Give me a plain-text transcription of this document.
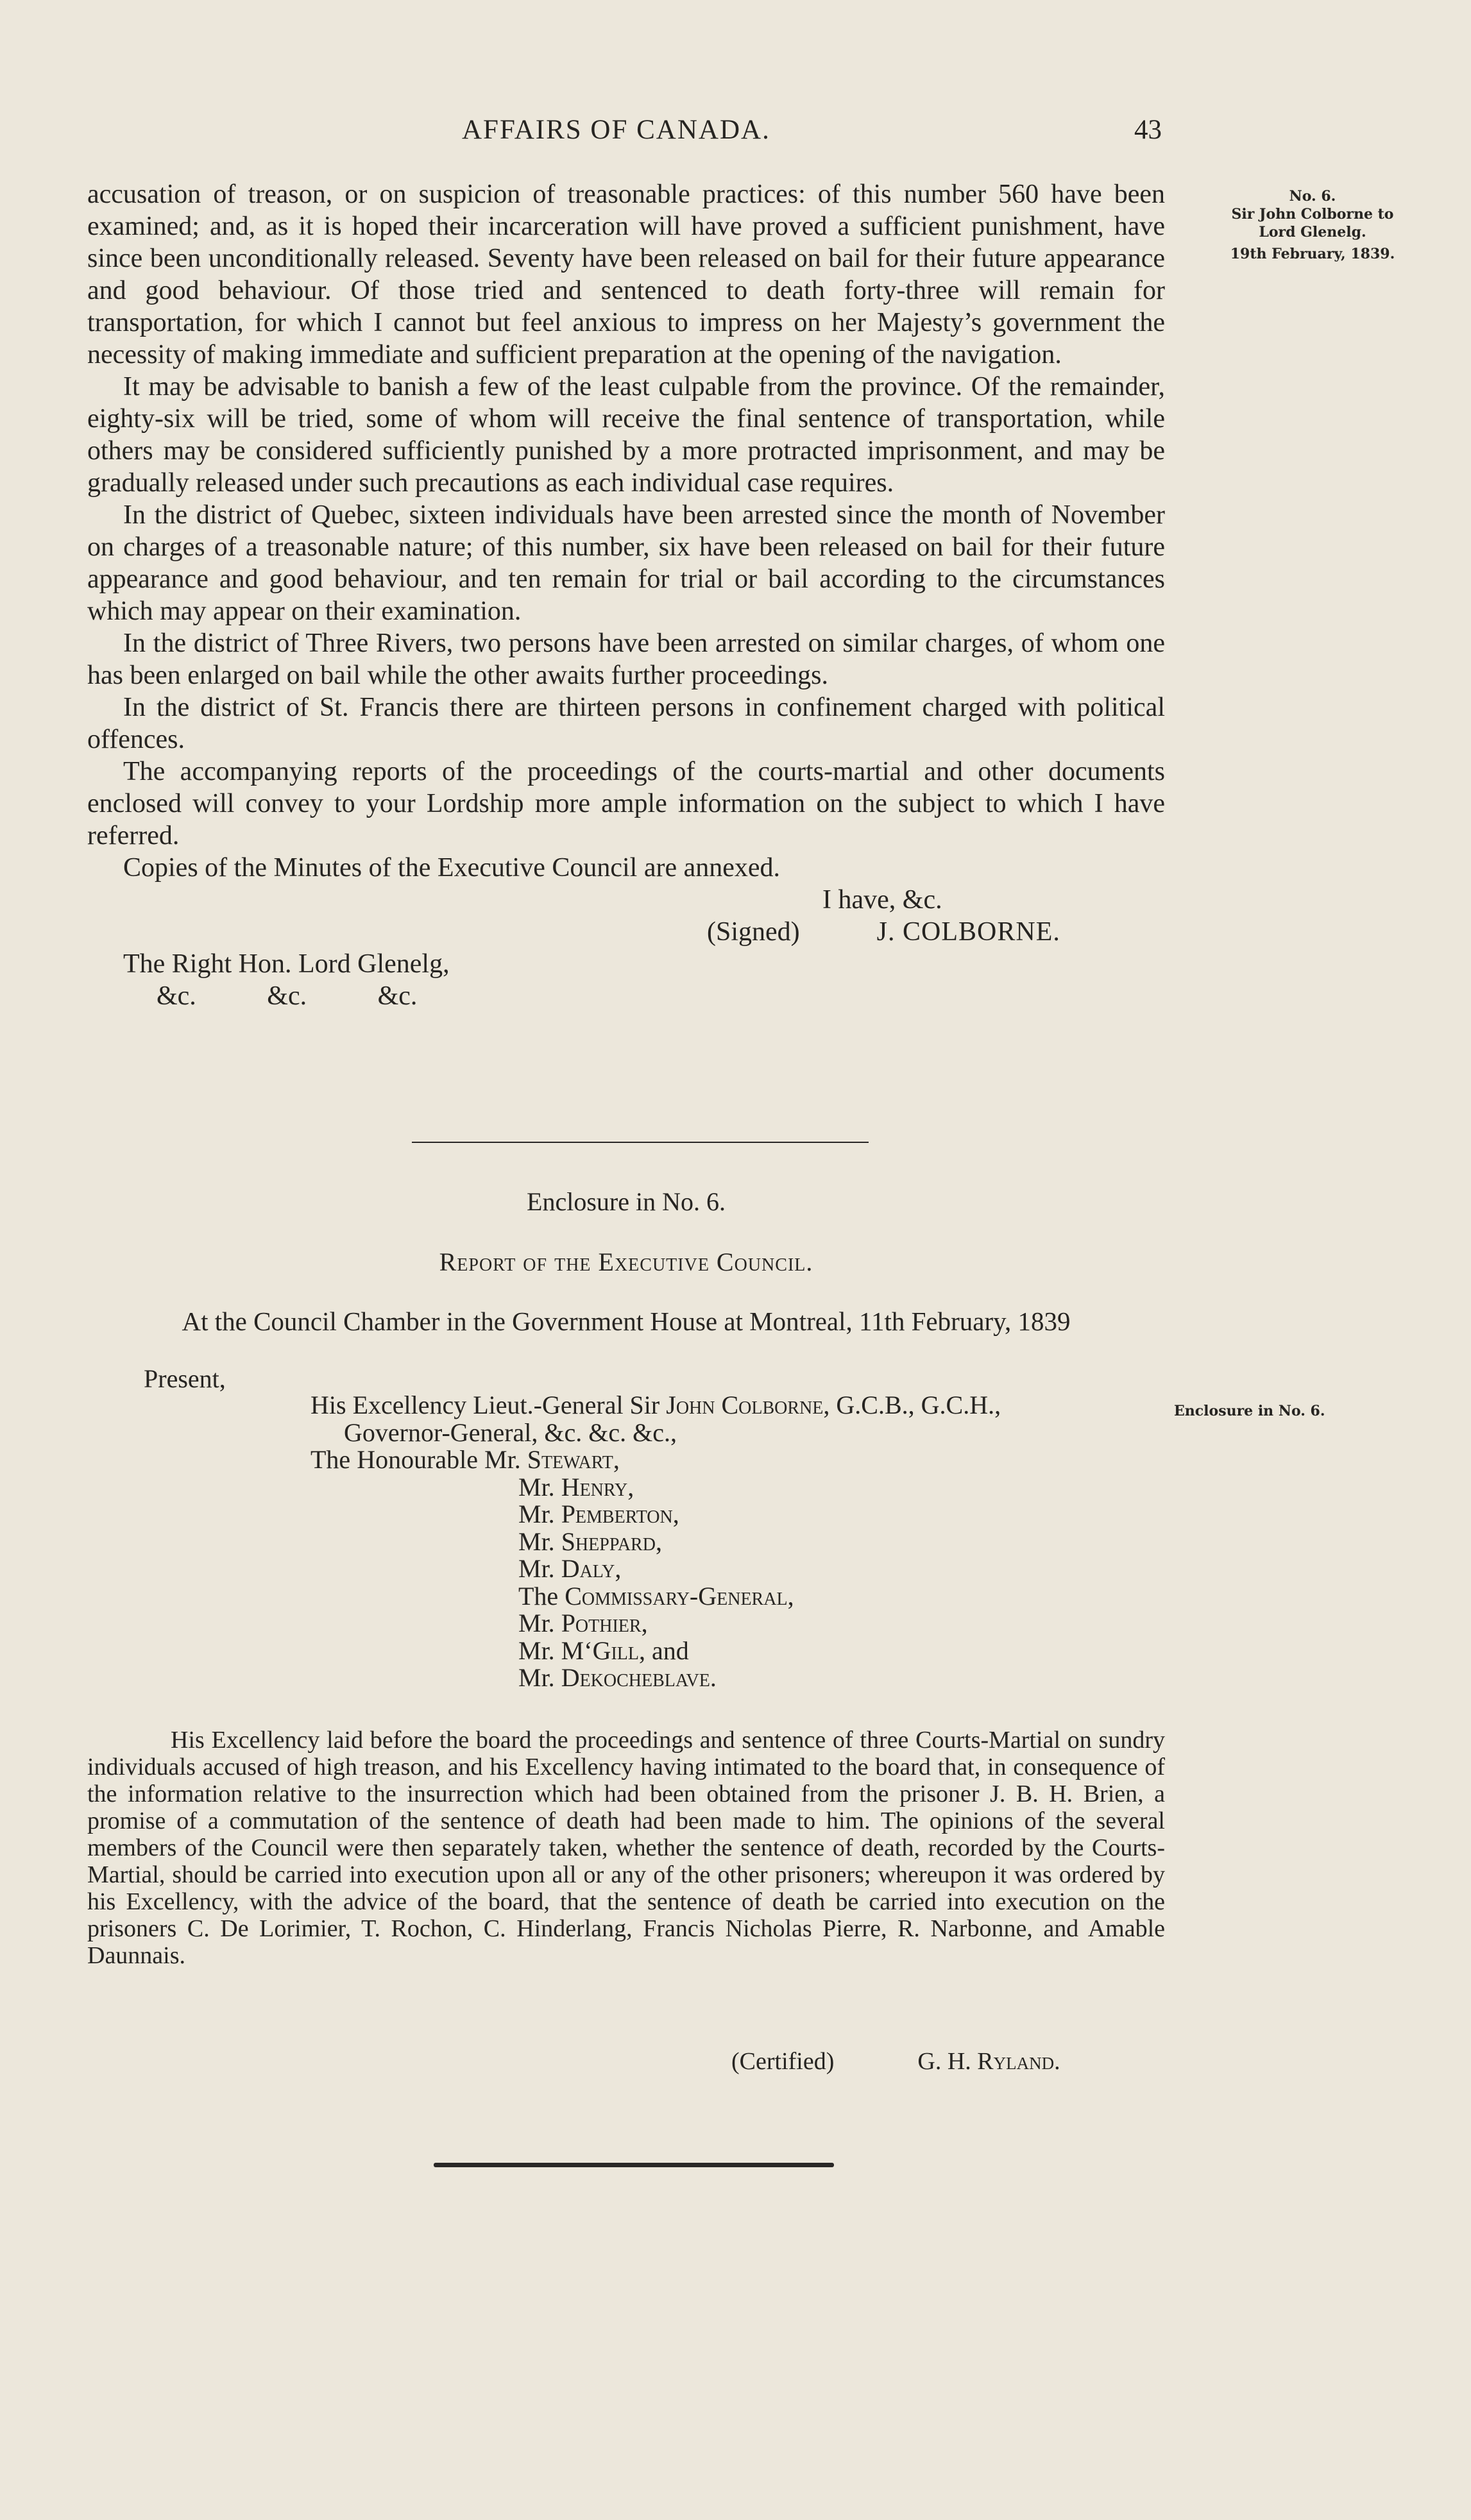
AFFAIRS OF CANADA.	43
No. 6.
Sir John Colborne to
Lord Glenelg.
19th February, 1839.
Enclosure in No. 6.

accusation of treason, or on suspicion of treasonable practices: of this number 560 have been examined; and, as it is hoped their incarceration will have proved a sufficient punishment, have since been unconditionally released. Seventy have been released on bail for their future appearance and good behaviour. Of those tried and sentenced to death forty-three will remain for transportation, for which I cannot but feel anxious to impress on her Majesty’s government the necessity of making immediate and sufficient preparation at the opening of the navigation.

It may be advisable to banish a few of the least culpable from the province. Of the remainder, eighty-six will be tried, some of whom will receive the final sentence of transportation, while others may be considered sufficiently punished by a more protracted imprisonment, and may be gradually released under such precautions as each individual case requires.

In the district of Quebec, sixteen individuals have been arrested since the month of November on charges of a treasonable nature; of this number, six have been released on bail for their future appearance and good behaviour, and ten remain for trial or bail according to the circumstances which may appear on their examination.

In the district of Three Rivers, two persons have been arrested on similar charges, of whom one has been enlarged on bail while the other awaits further proceedings.

In the district of St. Francis there are thirteen persons in confinement charged with political offences.

The accompanying reports of the proceedings of the courts-martial and other documents enclosed will convey to your Lordship more ample information on the subject to which I have referred.

Copies of the Minutes of the Executive Council are annexed.

I have, &c.

(Signed)	J. COLBORNE.

The Right Hon. Lord Glenelg,

&c. &c. &c.

Enclosure in No. 6.
Report of the Executive Council.
At the Council Chamber in the Government House at Montreal, 11th February, 1839
Present,
His Excellency Lieut.-General Sir John Colborne, G.C.B., G.C.H.,
Governor-General, &c. &c. &c.,
The Honourable Mr. Stewart,
Mr. Henry,
Mr. Pemberton,
Mr. Sheppard,
Mr. Daly,
The Commissary-General,
Mr. Pothier,
Mr. M‘Gill, and
Mr. Dekocheblave.

His Excellency laid before the board the proceedings and sentence of three Courts-Martial on sundry individuals accused of high treason, and his Excellency having intimated to the board that, in consequence of the information relative to the insurrection which had been obtained from the prisoner J. B. H. Brien, a promise of a commutation of the sentence of death had been made to him. The opinions of the several members of the Council were then separately taken, whether the sentence of death, recorded by the Courts-Martial, should be carried into execution upon all or any of the other prisoners; whereupon it was ordered by his Excellency, with the advice of the board, that the sentence of death be carried into execution on the prisoners C. De Lorimier, T. Rochon, C. Hinderlang, Francis Nicholas Pierre, R. Narbonne, and Amable Daunnais.

(Certified)	G. H. Ryland.
